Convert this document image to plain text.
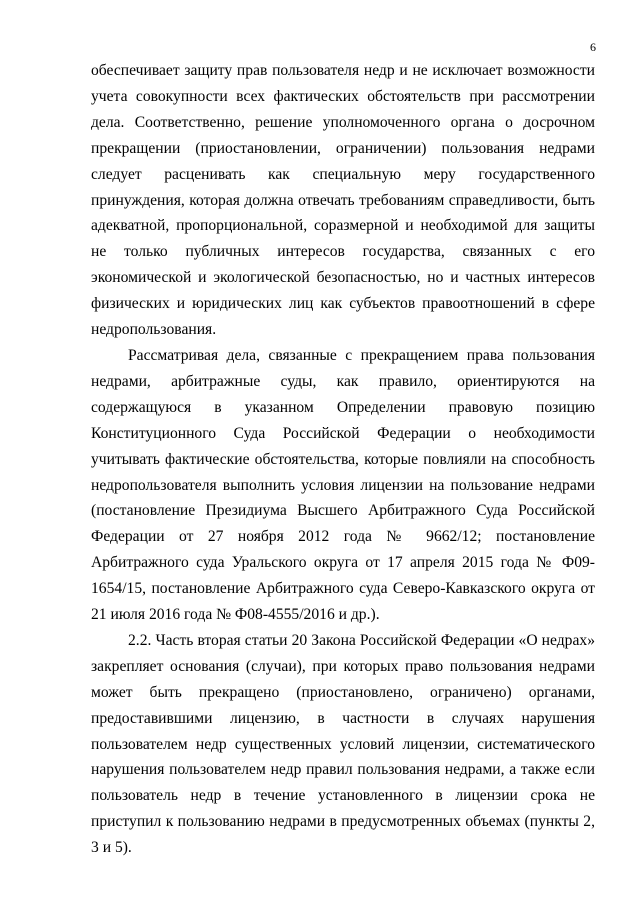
6

обеспечивает защиту прав пользователя недр и не исключает возможности учета совокупности всех фактических обстоятельств при рассмотрении дела. Соответственно, решение уполномоченного органа о досрочном прекращении (приостановлении, ограничении) пользования недрами следует расценивать как специальную меру государственного принуждения, которая должна отвечать требованиям справедливости, быть адекватной, пропорциональной, соразмерной и необходимой для защиты не только публичных интересов государства, связанных с его экономической и экологической безопасностью, но и частных интересов физических и юридических лиц как субъектов правоотношений в сфере недропользования.

Рассматривая дела, связанные с прекращением права пользования недрами, арбитражные суды, как правило, ориентируются на содержащуюся в указанном Определении правовую позицию Конституционного Суда Российской Федерации о необходимости учитывать фактические обстоятельства, которые повлияли на способность недропользователя выполнить условия лицензии на пользование недрами (постановление Президиума Высшего Арбитражного Суда Российской Федерации от 27 ноября 2012 года № 9662/12; постановление Арбитражного суда Уральского округа от 17 апреля 2015 года № Ф09-1654/15, постановление Арбитражного суда Северо-Кавказского округа от 21 июля 2016 года № Ф08-4555/2016 и др.).

2.2. Часть вторая статьи 20 Закона Российской Федерации «О недрах» закрепляет основания (случаи), при которых право пользования недрами может быть прекращено (приостановлено, ограничено) органами, предоставившими лицензию, в частности в случаях нарушения пользователем недр существенных условий лицензии, систематического нарушения пользователем недр правил пользования недрами, а также если пользователь недр в течение установленного в лицензии срока не приступил к пользованию недрами в предусмотренных объемах (пункты 2, 3 и 5).
